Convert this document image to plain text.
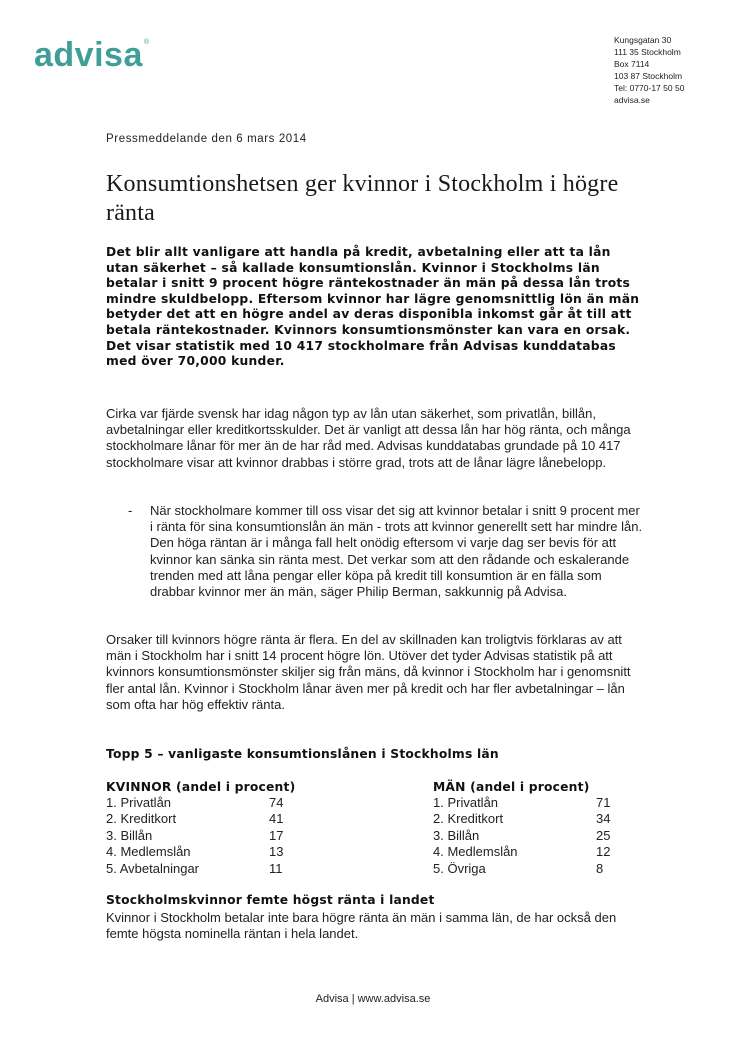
advisa®	Kungsgatan 30
111 35 Stockholm
Box 7114
103 87 Stockholm
Tel: 0770-17 50 50
advisa.se
Pressmeddelande den 6 mars 2014
Konsumtionshetsen ger kvinnor i Stockholm i högre ränta
Det blir allt vanligare att handla på kredit, avbetalning eller att ta lån utan säkerhet – så kallade konsumtionslån. Kvinnor i Stockholms län betalar i snitt 9 procent högre räntekostnader än män på dessa lån trots mindre skuldbelopp. Eftersom kvinnor har lägre genomsnittlig lön än män betyder det att en högre andel av deras disponibla inkomst går åt till att betala räntekostnader. Kvinnors konsumtionsmönster kan vara en orsak. Det visar statistik med 10 417 stockholmare från Advisas kunddatabas med över 70,000 kunder.
Cirka var fjärde svensk har idag någon typ av lån utan säkerhet, som privatlån, billån, avbetalningar eller kreditkortsskulder. Det är vanligt att dessa lån har hög ränta, och många stockholmare lånar för mer än de har råd med. Advisas kunddatabas grundade på 10 417 stockholmare visar att kvinnor drabbas i större grad, trots att de lånar lägre lånebelopp.
- När stockholmare kommer till oss visar det sig att kvinnor betalar i snitt 9 procent mer i ränta för sina konsumtionslån än män - trots att kvinnor generellt sett har mindre lån. Den höga räntan är i många fall helt onödig eftersom vi varje dag ser bevis för att kvinnor kan sänka sin ränta mest. Det verkar som att den rådande och eskalerande trenden med att låna pengar eller köpa på kredit till konsumtion är en fälla som drabbar kvinnor mer än män, säger Philip Berman, sakkunnig på Advisa.
Orsaker till kvinnors högre ränta är flera. En del av skillnaden kan troligtvis förklaras av att män i Stockholm har i snitt 14 procent högre lön. Utöver det tyder Advisas statistik på att kvinnors konsumtionsmönster skiljer sig från mäns, då kvinnor i Stockholm har i genomsnitt fler antal lån. Kvinnor i Stockholm lånar även mer på kredit och har fler avbetalningar – lån som ofta har hög effektiv ränta.
Topp 5 – vanligaste konsumtionslånen i Stockholms län
KVINNOR (andel i procent)
1. Privatlån	74
2. Kreditkort	41
3. Billån	17
4. Medlemslån	13
5. Avbetalningar	11
MÄN (andel i procent)
1. Privatlån	71
2. Kreditkort	34
3. Billån	25
4. Medlemslån	12
5. Övriga	8
Stockholmskvinnor femte högst ränta i landet
Kvinnor i Stockholm betalar inte bara högre ränta än män i samma län, de har också den femte högsta nominella räntan i hela landet.
Advisa | www.advisa.se
